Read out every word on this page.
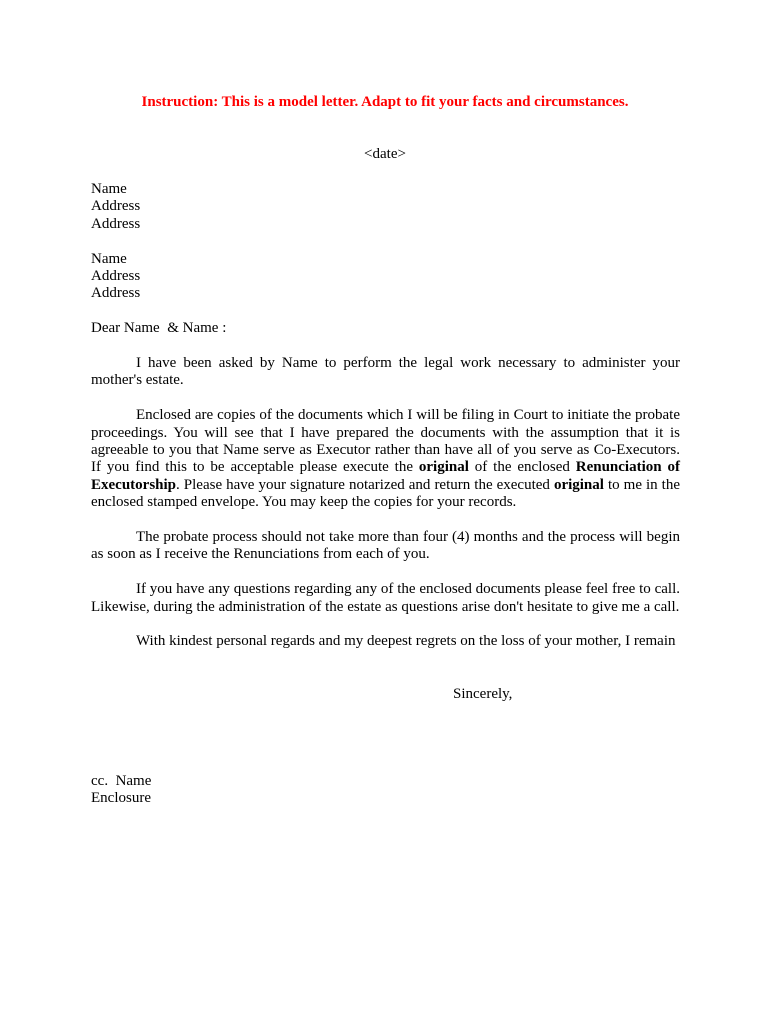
Instruction: This is a model letter. Adapt to fit your facts and circumstances.
<date>
Name
Address
Address
Name
Address
Address
Dear Name  & Name :

I have been asked by Name to perform the legal work necessary to administer your mother's estate.

Enclosed are copies of the documents which I will be filing in Court to initiate the probate proceedings. You will see that I have prepared the documents with the assumption that it is agreeable to you that Name serve as Executor rather than have all of you serve as Co-Executors. If you find this to be acceptable please execute the original of the enclosed Renunciation of Executorship. Please have your signature notarized and return the executed original to me in the enclosed stamped envelope. You may keep the copies for your records.

The probate process should not take more than four (4) months and the process will begin as soon as I receive the Renunciations from each of you.

If you have any questions regarding any of the enclosed documents please feel free to call. Likewise, during the administration of the estate as questions arise don't hesitate to give me a call.

With kindest personal regards and my deepest regrets on the loss of your mother, I remain

Sincerely,
cc.  Name
Enclosure
